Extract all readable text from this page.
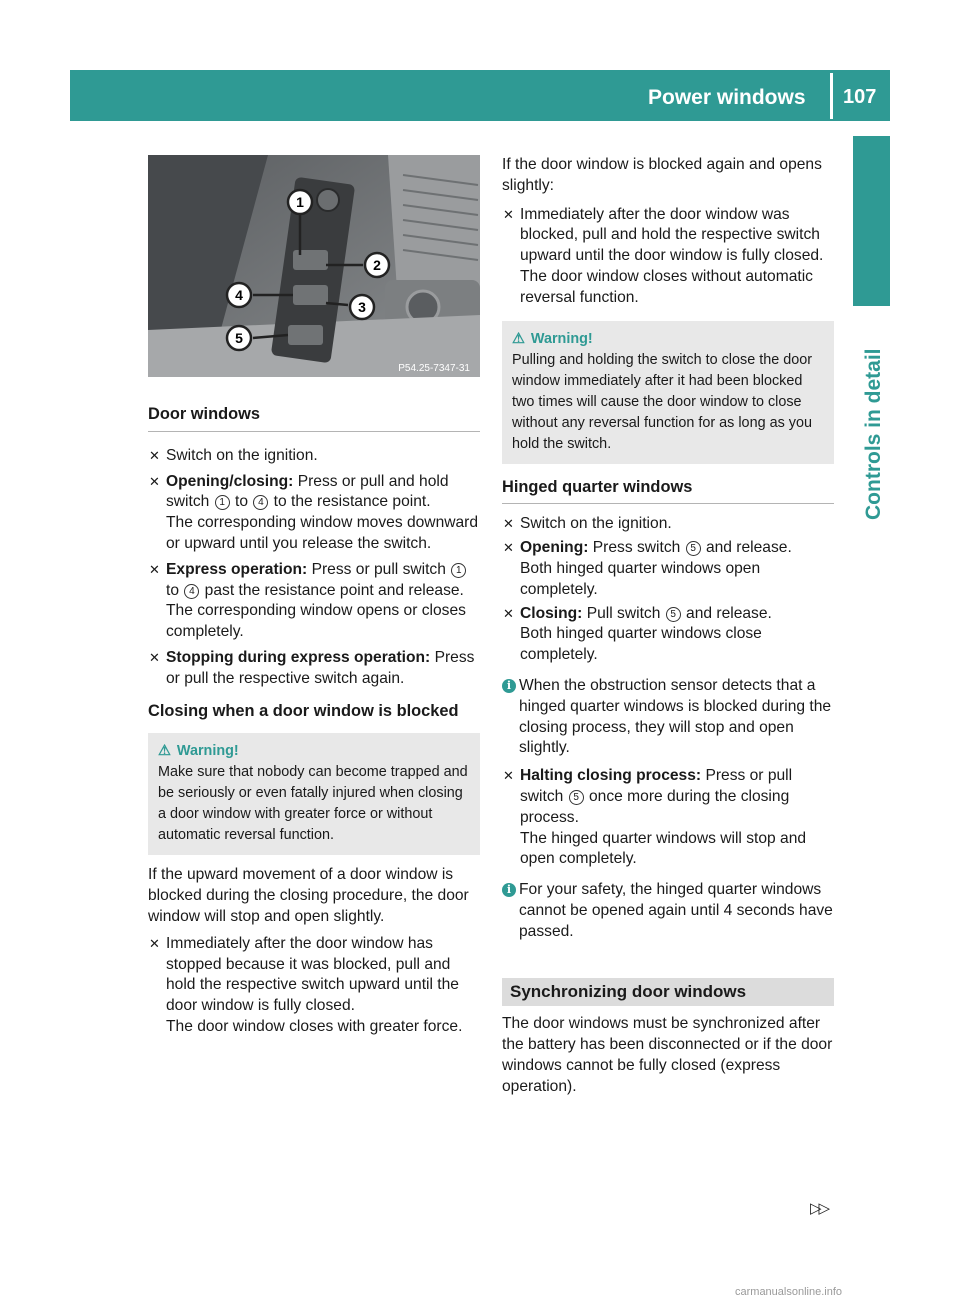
Power windows 107
Controls in detail
1
2
3
4
5
P54.25-7347-31
Door windows
✕ Switch on the ignition.
✕ Opening/closing: Press or pull and hold switch 1 to 4 to the resistance point.

The corresponding window moves downward or upward until you release the switch.

✕ Express operation: Press or pull switch 1 to 4 past the resistance point and release.

The corresponding window opens or closes completely.

✕ Stopping during express operation: Press or pull the respective switch again.
Closing when a door window is blocked
⚠ Warning!

Make sure that nobody can become trapped and be seriously or even fatally injured when closing a door window with greater force or without automatic reversal function.

If the upward movement of a door window is blocked during the closing procedure, the door window will stop and open slightly.

✕ Immediately after the door window has stopped because it was blocked, pull and hold the respective switch upward until the door window is fully closed.

The door window closes with greater force.

If the door window is blocked again and opens slightly:

✕ Immediately after the door window was blocked, pull and hold the respective switch upward until the door window is fully closed.

The door window closes without automatic reversal function.

⚠ Warning!

Pulling and holding the switch to close the door window immediately after it had been blocked two times will cause the door window to close without any reversal function for as long as you hold the switch.

Hinged quarter windows
✕ Switch on the ignition.
✕ Opening: Press switch 5 and release.

Both hinged quarter windows open completely.

✕ Closing: Pull switch 5 and release.

Both hinged quarter windows close completely.

i When the obstruction sensor detects that a hinged quarter windows is blocked during the closing process, they will stop and open slightly.
✕ Halting closing process: Press or pull switch 5 once more during the closing process.

The hinged quarter windows will stop and open completely.

i For your safety, the hinged quarter windows cannot be opened again until 4 seconds have passed.
Synchronizing door windows

The door windows must be synchronized after the battery has been disconnected or if the door windows cannot be fully closed (express operation).

▷▷
carmanualsonline.info
